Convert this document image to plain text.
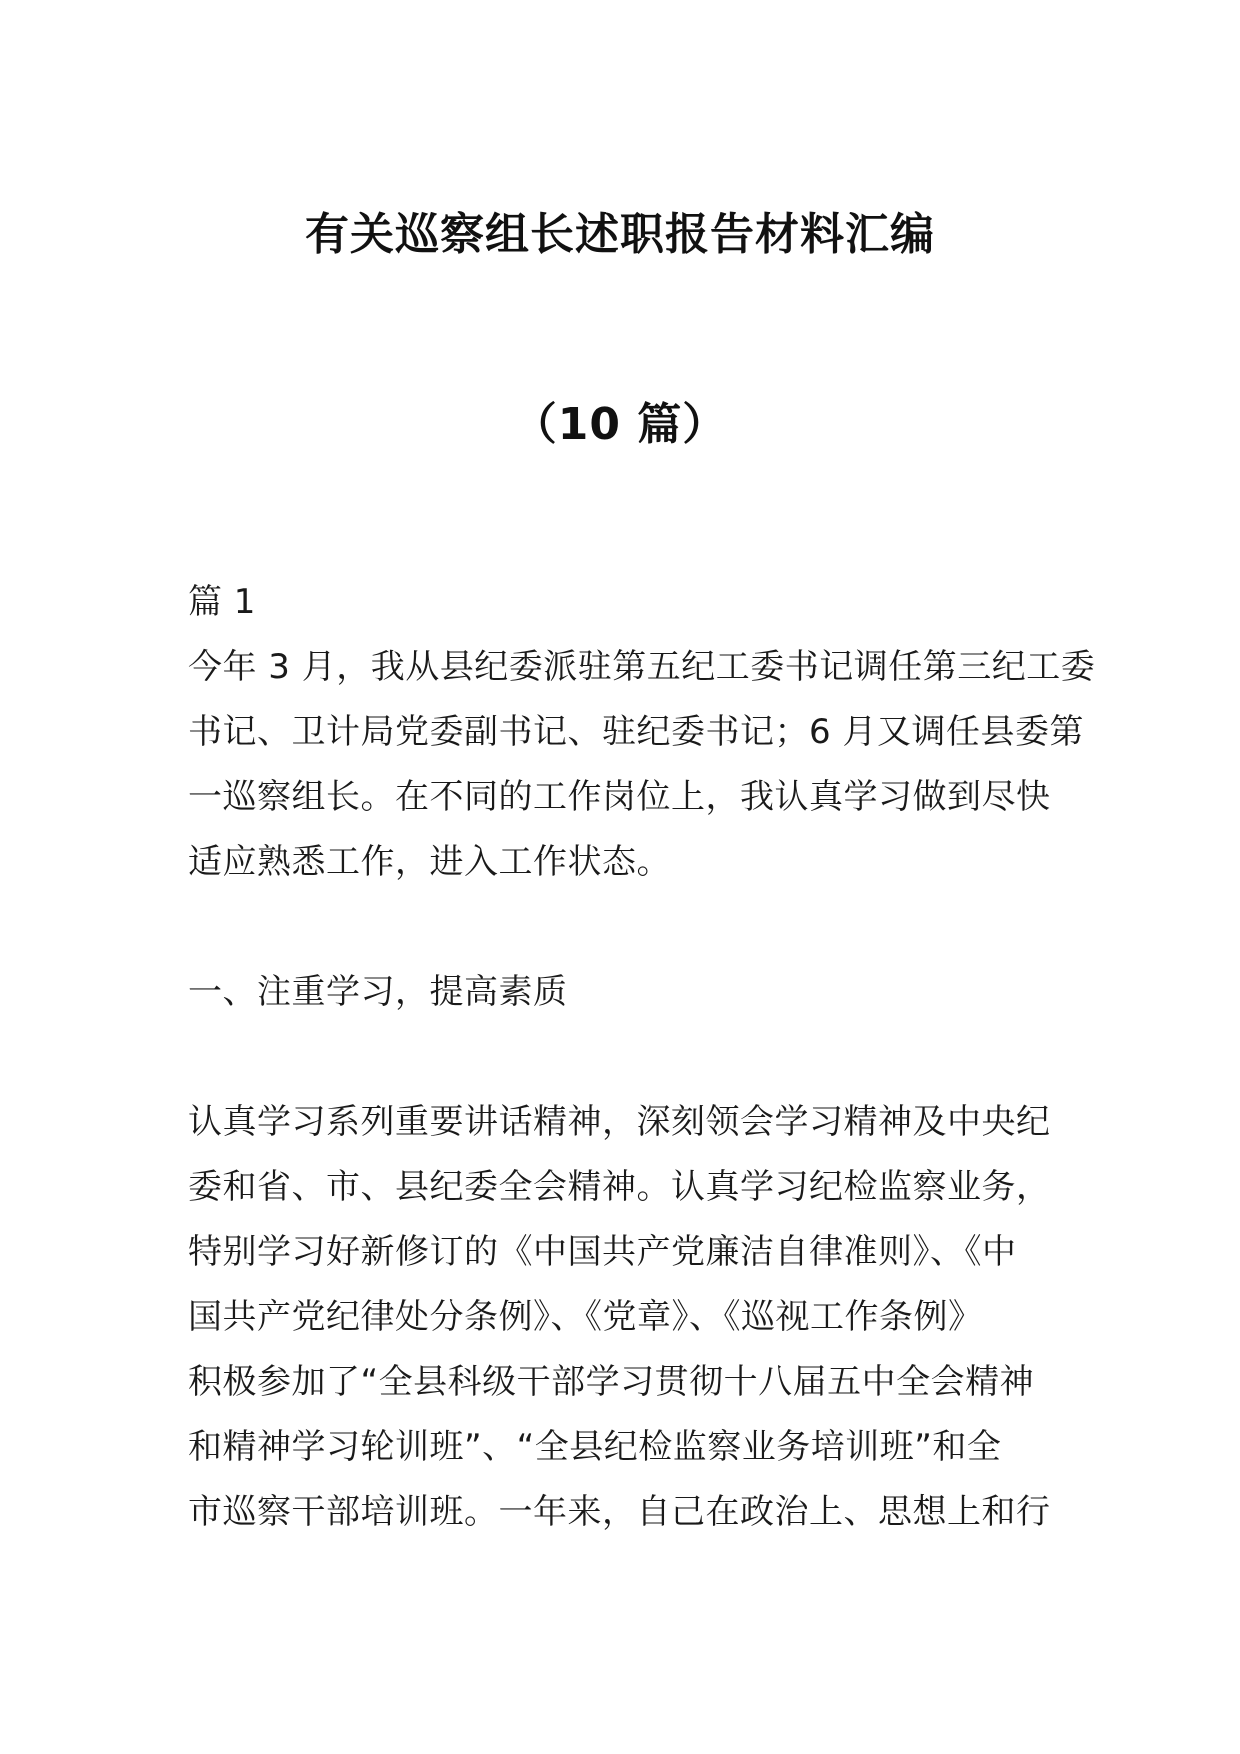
有关巡察组长述职报告材料汇编
（10 篇）
篇 1
今年 3 月，我从县纪委派驻第五纪工委书记调任第三纪工委
书记、卫计局党委副书记、驻纪委书记；6 月又调任县委第
一巡察组长。在不同的工作岗位上，我认真学习做到尽快
适应熟悉工作，进入工作状态。
一、注重学习，提高素质
认真学习系列重要讲话精神，深刻领会学习精神及中央纪
委和省、市、县纪委全会精神。认真学习纪检监察业务，
特别学习好新修订的《中国共产党廉洁自律准则》、《中
国共产党纪律处分条例》、《党章》、《巡视工作条例》
积极参加了“全县科级干部学习贯彻十八届五中全会精神
和精神学习轮训班”、“全县纪检监察业务培训班”和全
市巡察干部培训班。一年来，自己在政治上、思想上和行
